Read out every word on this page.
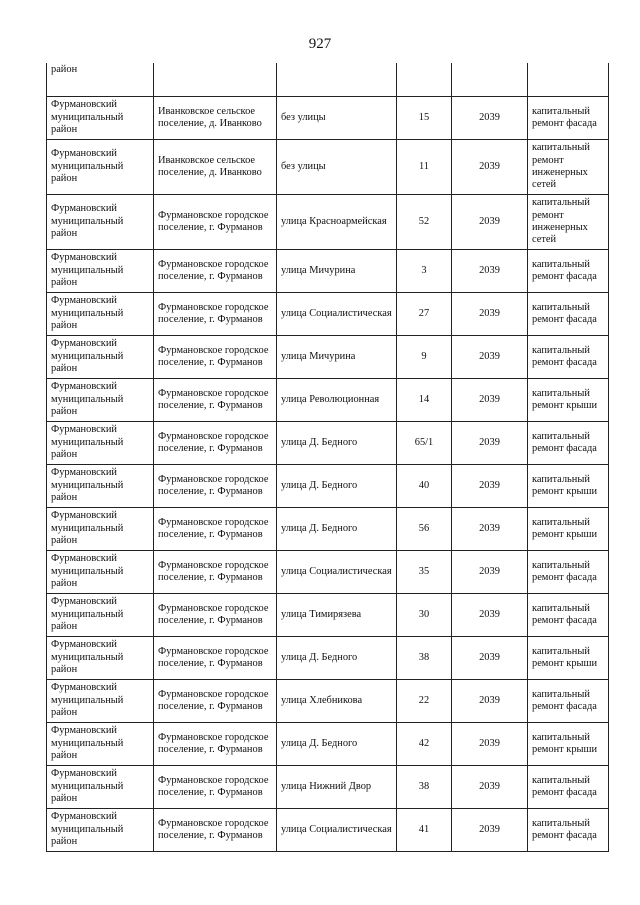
927
район					
Фурмановский муниципальный район	Иванковское сельское поселение, д. Иванково	без улицы	15	2039	капитальный ремонт фасада
Фурмановский муниципальный район	Иванковское сельское поселение, д. Иванково	без улицы	11	2039	капитальный ремонт инженерных сетей
Фурмановский муниципальный район	Фурмановское городское поселение, г. Фурманов	улица Красноармейская	52	2039	капитальный ремонт инженерных сетей
Фурмановский муниципальный район	Фурмановское городское поселение, г. Фурманов	улица Мичурина	3	2039	капитальный ремонт фасада
Фурмановский муниципальный район	Фурмановское городское поселение, г. Фурманов	улица Социалистическая	27	2039	капитальный ремонт фасада
Фурмановский муниципальный район	Фурмановское городское поселение, г. Фурманов	улица Мичурина	9	2039	капитальный ремонт фасада
Фурмановский муниципальный район	Фурмановское городское поселение, г. Фурманов	улица Революционная	14	2039	капитальный ремонт крыши
Фурмановский муниципальный район	Фурмановское городское поселение, г. Фурманов	улица Д. Бедного	65/1	2039	капитальный ремонт фасада
Фурмановский муниципальный район	Фурмановское городское поселение, г. Фурманов	улица Д. Бедного	40	2039	капитальный ремонт крыши
Фурмановский муниципальный район	Фурмановское городское поселение, г. Фурманов	улица Д. Бедного	56	2039	капитальный ремонт крыши
Фурмановский муниципальный район	Фурмановское городское поселение, г. Фурманов	улица Социалистическая	35	2039	капитальный ремонт фасада
Фурмановский муниципальный район	Фурмановское городское поселение, г. Фурманов	улица Тимирязева	30	2039	капитальный ремонт фасада
Фурмановский муниципальный район	Фурмановское городское поселение, г. Фурманов	улица Д. Бедного	38	2039	капитальный ремонт крыши
Фурмановский муниципальный район	Фурмановское городское поселение, г. Фурманов	улица Хлебникова	22	2039	капитальный ремонт фасада
Фурмановский муниципальный район	Фурмановское городское поселение, г. Фурманов	улица Д. Бедного	42	2039	капитальный ремонт крыши
Фурмановский муниципальный район	Фурмановское городское поселение, г. Фурманов	улица Нижний Двор	38	2039	капитальный ремонт фасада
Фурмановский муниципальный район	Фурмановское городское поселение, г. Фурманов	улица Социалистическая	41	2039	капитальный ремонт фасада
